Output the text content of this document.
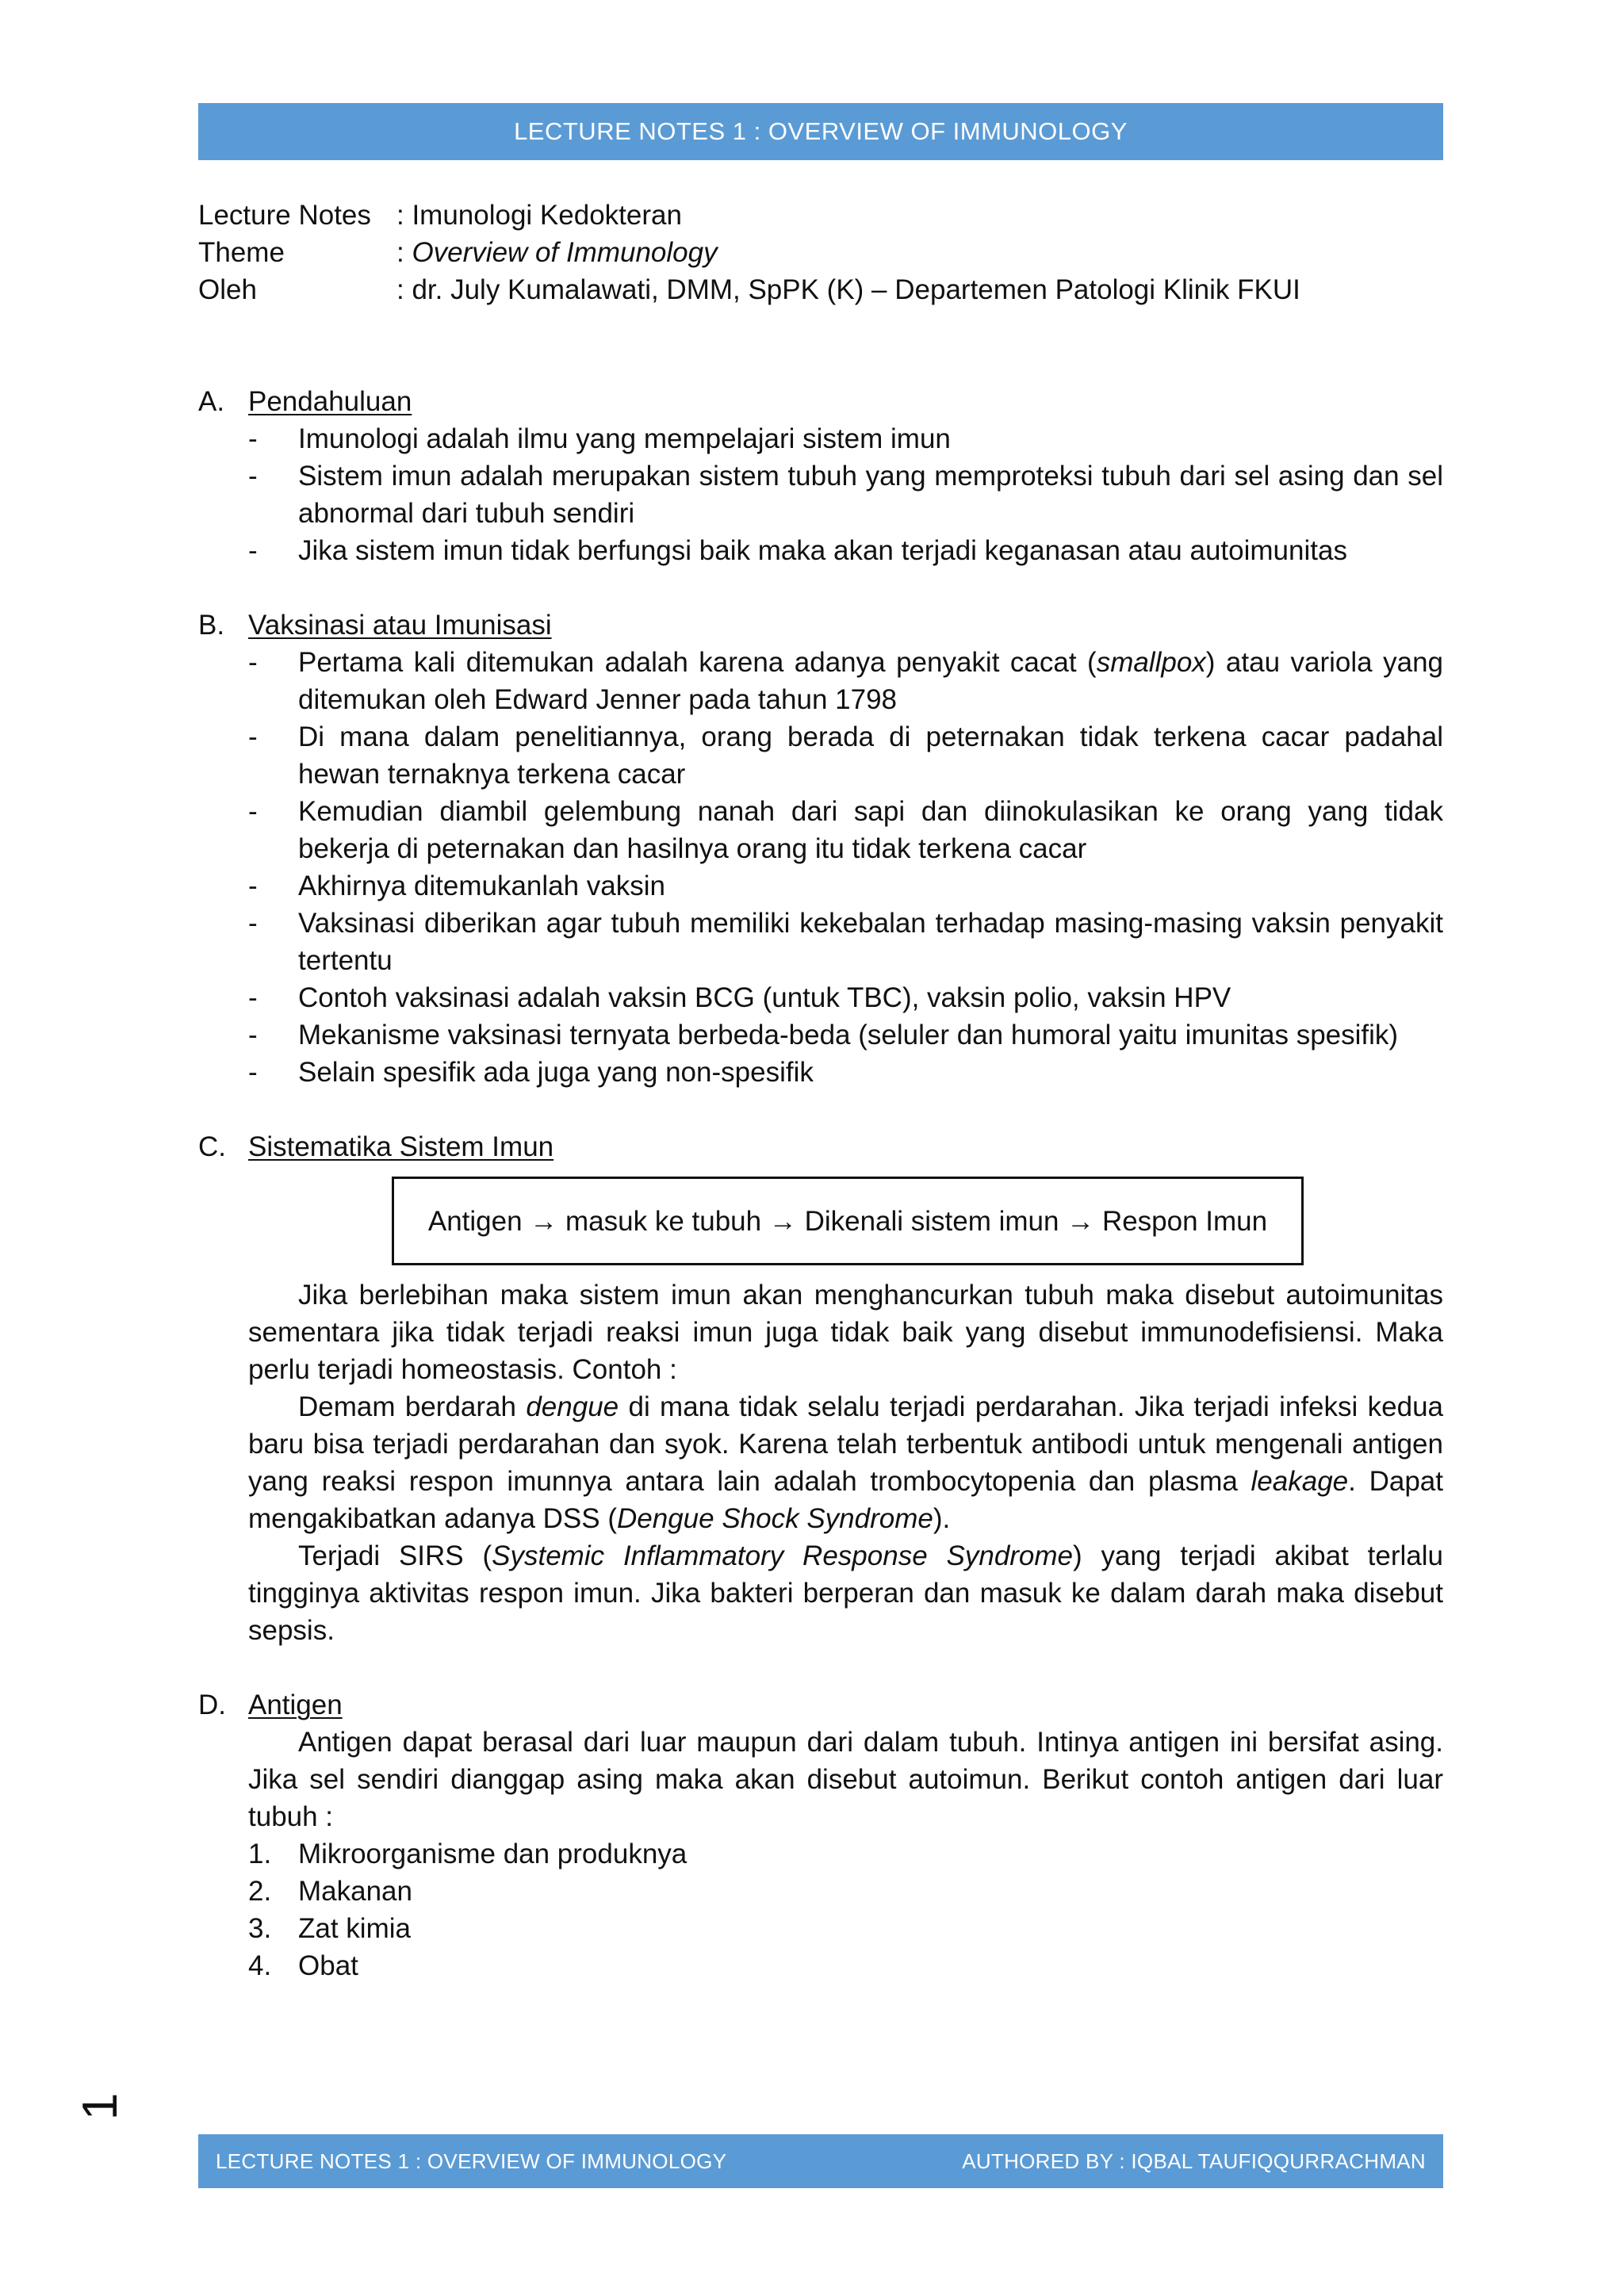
LECTURE NOTES 1 : OVERVIEW OF IMMUNOLOGY
Lecture Notes : Imunologi Kedokteran
Theme	: Overview of Immunology
Oleh	: dr. July Kumalawati, DMM, SpPK (K) – Departemen Patologi Klinik FKUI
A. Pendahuluan
-	Imunologi adalah ilmu yang mempelajari sistem imun
-	Sistem imun adalah merupakan sistem tubuh yang memproteksi tubuh dari sel asing dan sel abnormal dari tubuh sendiri
-	Jika sistem imun tidak berfungsi baik maka akan terjadi keganasan atau autoimunitas
B. Vaksinasi atau Imunisasi
-	Pertama kali ditemukan adalah karena adanya penyakit cacat (smallpox) atau variola yang ditemukan oleh Edward Jenner pada tahun 1798
-	Di mana dalam penelitiannya, orang berada di peternakan tidak terkena cacar padahal hewan ternaknya terkena cacar
-	Kemudian diambil gelembung nanah dari sapi dan diinokulasikan ke orang yang tidak bekerja di peternakan dan hasilnya orang itu tidak terkena cacar
-	Akhirnya ditemukanlah vaksin
-	Vaksinasi diberikan agar tubuh memiliki kekebalan terhadap masing-masing vaksin penyakit tertentu
-	Contoh vaksinasi adalah vaksin BCG (untuk TBC), vaksin polio, vaksin HPV
-	Mekanisme vaksinasi ternyata berbeda-beda (seluler dan humoral yaitu imunitas spesifik)
-	Selain spesifik ada juga yang non-spesifik
C. Sistematika Sistem Imun
Antigen → masuk ke tubuh → Dikenali sistem imun → Respon Imun

Jika berlebihan maka sistem imun akan menghancurkan tubuh maka disebut autoimunitas sementara jika tidak terjadi reaksi imun juga tidak baik yang disebut immunodefisiensi. Maka perlu terjadi homeostasis. Contoh :

Demam berdarah dengue di mana tidak selalu terjadi perdarahan. Jika terjadi infeksi kedua baru bisa terjadi perdarahan dan syok. Karena telah terbentuk antibodi untuk mengenali antigen yang reaksi respon imunnya antara lain adalah trombocytopenia dan plasma leakage. Dapat mengakibatkan adanya DSS (Dengue Shock Syndrome).

Terjadi SIRS (Systemic Inflammatory Response Syndrome) yang terjadi akibat terlalu tingginya aktivitas respon imun. Jika bakteri berperan dan masuk ke dalam darah maka disebut sepsis.

D. Antigen

Antigen dapat berasal dari luar maupun dari dalam tubuh. Intinya antigen ini bersifat asing. Jika sel sendiri dianggap asing maka akan disebut autoimun. Berikut contoh antigen dari luar tubuh :

1. Mikroorganisme dan produknya
2. Makanan
3. Zat kimia
4. Obat
1
LECTURE NOTES 1 : OVERVIEW OF IMMUNOLOGY	AUTHORED BY : IQBAL TAUFIQQURRACHMAN
